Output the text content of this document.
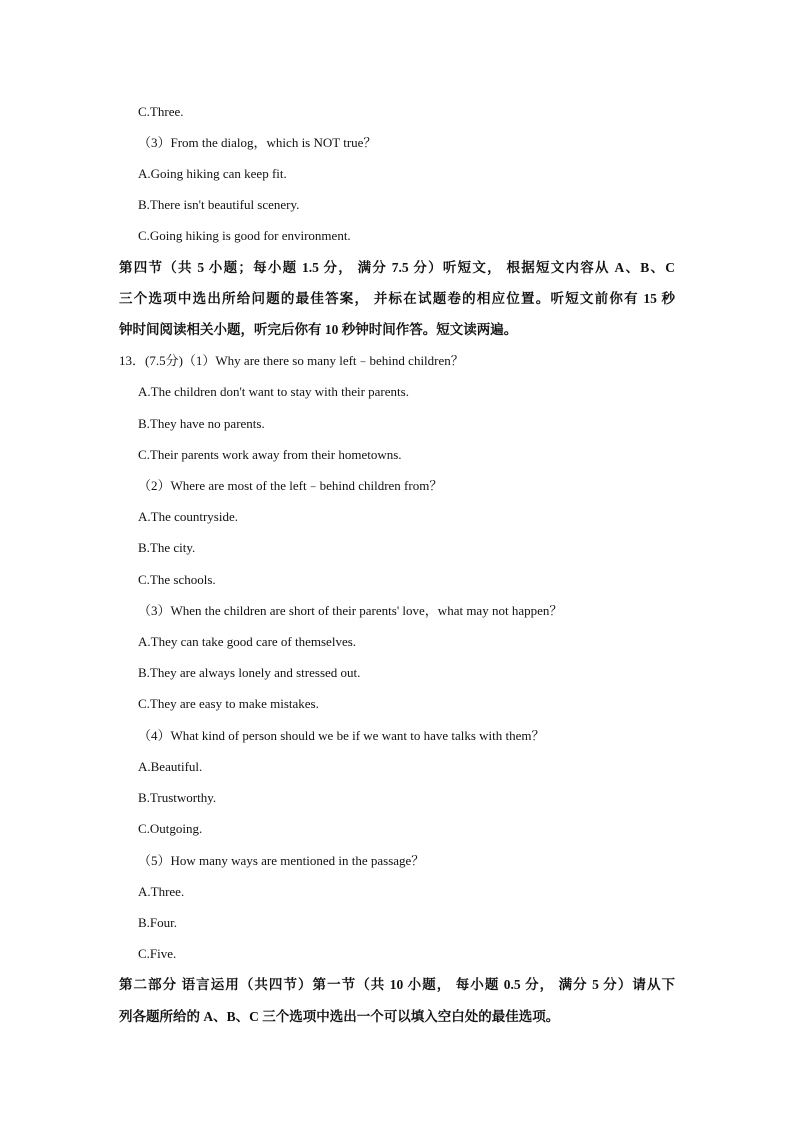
C.Three.
（3）From the dialog，which is NOT true？
A.Going hiking can keep fit.
B.There isn't beautiful scenery.
C.Going hiking is good for environment.
第四节（共 5 小题；每小题 1.5 分， 满分 7.5 分）听短文， 根据短文内容从 A、B、C
三个选项中选出所给问题的最佳答案， 并标在试题卷的相应位置。听短文前你有 15 秒
钟时间阅读相关小题，听完后你有 10 秒钟时间作答。短文读两遍。
13．(7.5分)（1）Why are there so many left﹣behind children？
A.The children don't want to stay with their parents.
B.They have no parents.
C.Their parents work away from their hometowns.
（2）Where are most of the left﹣behind children from？
A.The countryside.
B.The city.
C.The schools.
（3）When the children are short of their parents' love，what may not happen？
A.They can take good care of themselves.
B.They are always lonely and stressed out.
C.They are easy to make mistakes.
（4）What kind of person should we be if we want to have talks with them？
A.Beautiful.
B.Trustworthy.
C.Outgoing.
（5）How many ways are mentioned in the passage？
A.Three.
B.Four.
C.Five.
第二部分 语言运用（共四节）第一节（共 10 小题， 每小题 0.5 分， 满分 5 分）请从下
列各题所给的 A、B、C 三个选项中选出一个可以填入空白处的最佳选项。
